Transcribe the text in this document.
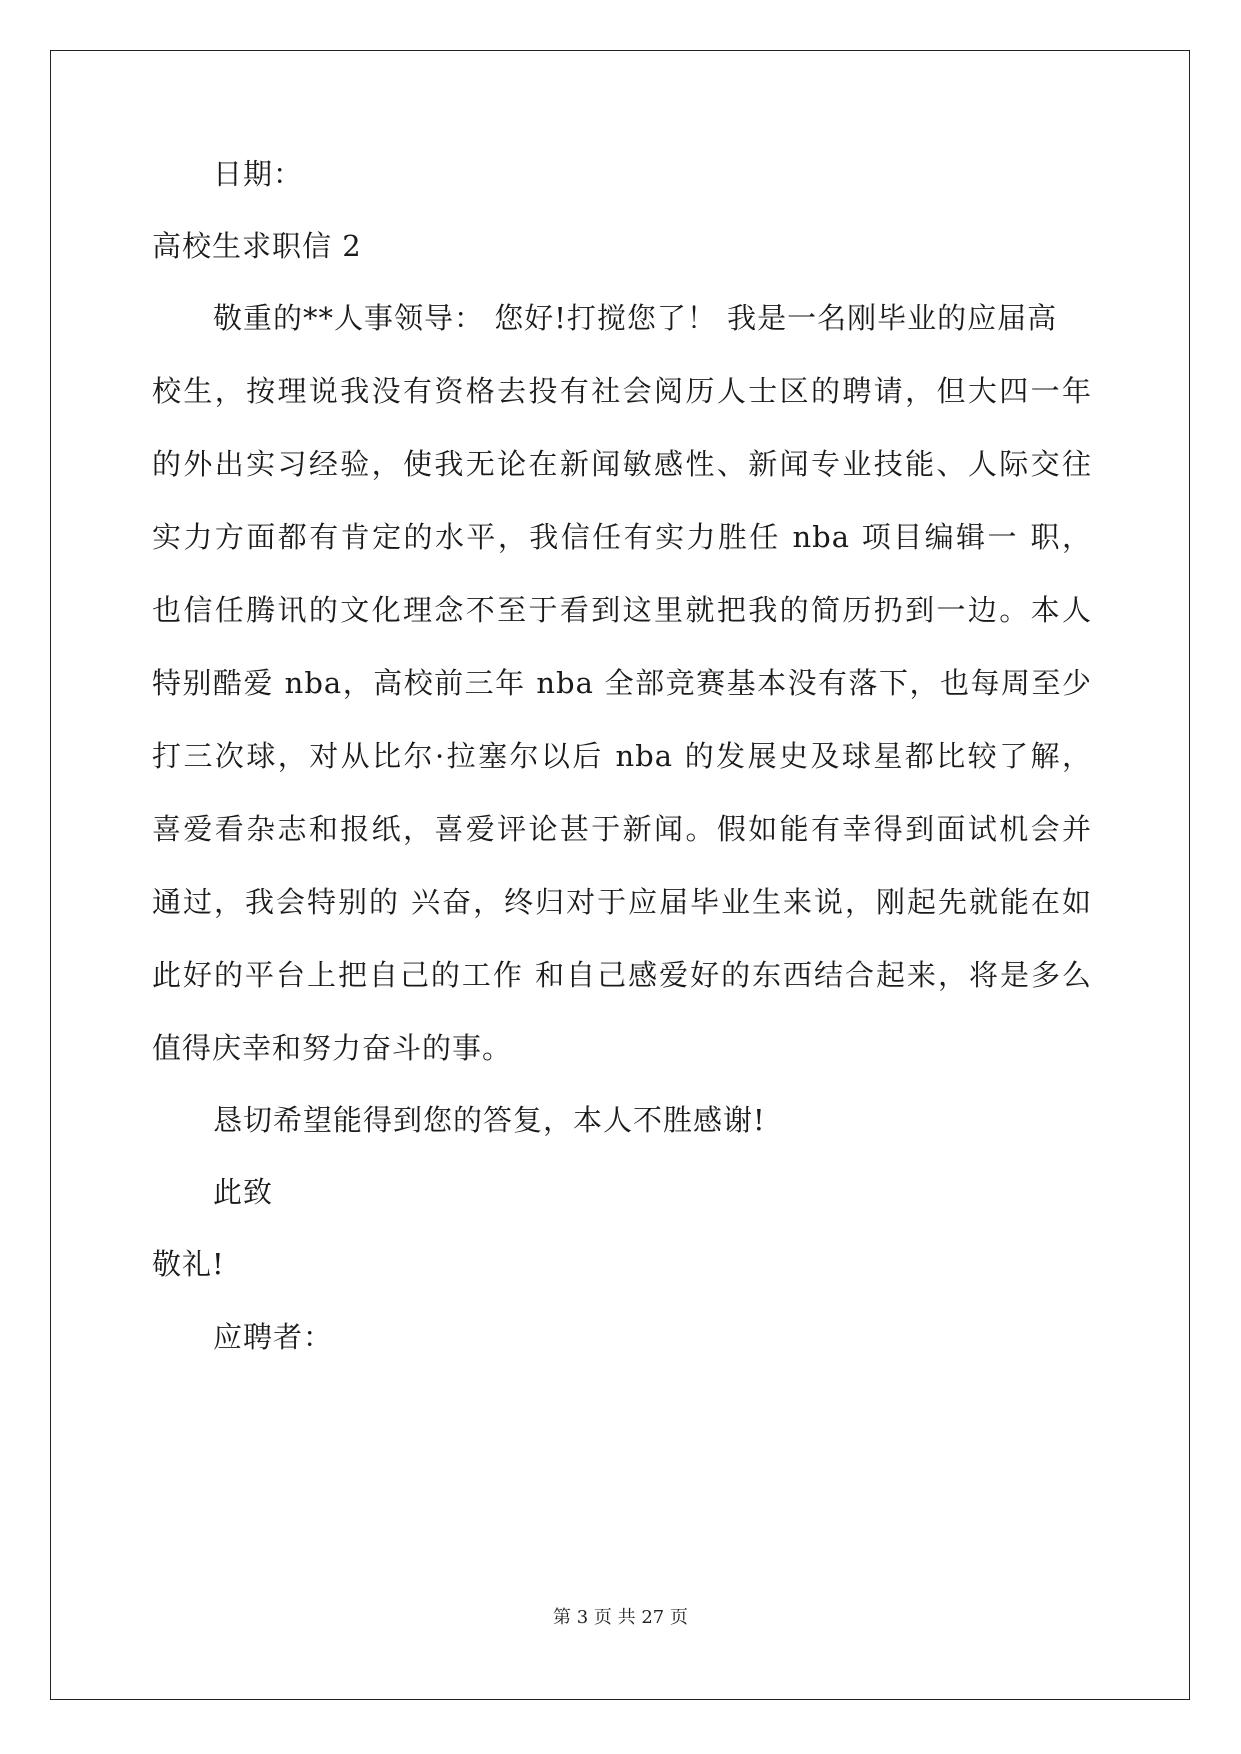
日期：
高校生求职信 2
敬重的**人事领导： 您好!打搅您了！ 我是一名刚毕业的应届高
校生，按理说我没有资格去投有社会阅历人士区的聘请，但大四一年
的外出实习经验，使我无论在新闻敏感性、新闻专业技能、人际交往
实力方面都有肯定的水平，我信任有实力胜任 nba 项目编辑一 职，
也信任腾讯的文化理念不至于看到这里就把我的简历扔到一边。本人
特别酷爱 nba，高校前三年 nba 全部竞赛基本没有落下，也每周至少
打三次球，对从比尔·拉塞尔以后 nba 的发展史及球星都比较了解，
喜爱看杂志和报纸，喜爱评论甚于新闻。假如能有幸得到面试机会并
通过，我会特别的 兴奋，终归对于应届毕业生来说，刚起先就能在如
此好的平台上把自己的工作 和自己感爱好的东西结合起来，将是多么
值得庆幸和努力奋斗的事。
恳切希望能得到您的答复，本人不胜感谢!
此致
敬礼!
应聘者：
第 3 页 共 27 页
